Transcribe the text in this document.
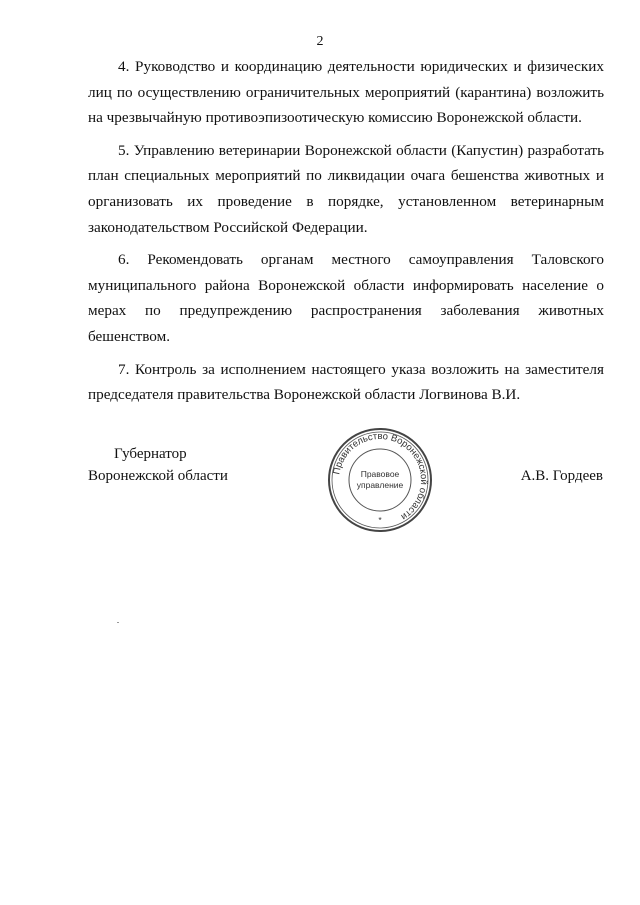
2

4. Руководство и координацию деятельности юридических и физических лиц по осуществлению ограничительных мероприятий (карантина) возложить на чрезвычайную противоэпизоотическую комиссию Воронежской области.

5. Управлению ветеринарии Воронежской области (Капустин) разработать план специальных мероприятий по ликвидации очага бешенства животных и организовать их проведение в порядке, установленном ветеринарным законодательством Российской Федерации.

6. Рекомендовать органам местного самоуправления Таловского муниципального района Воронежской области информировать население о мерах по предупреждению распространения заболевания животных бешенством.

7. Контроль за исполнением настоящего указа возложить на заместителя председателя правительства Воронежской области Логвинова В.И.

Губернатор
Воронежской области	Правительство Воронежской области
Правовое
управление
*
А.В. Гордеев
